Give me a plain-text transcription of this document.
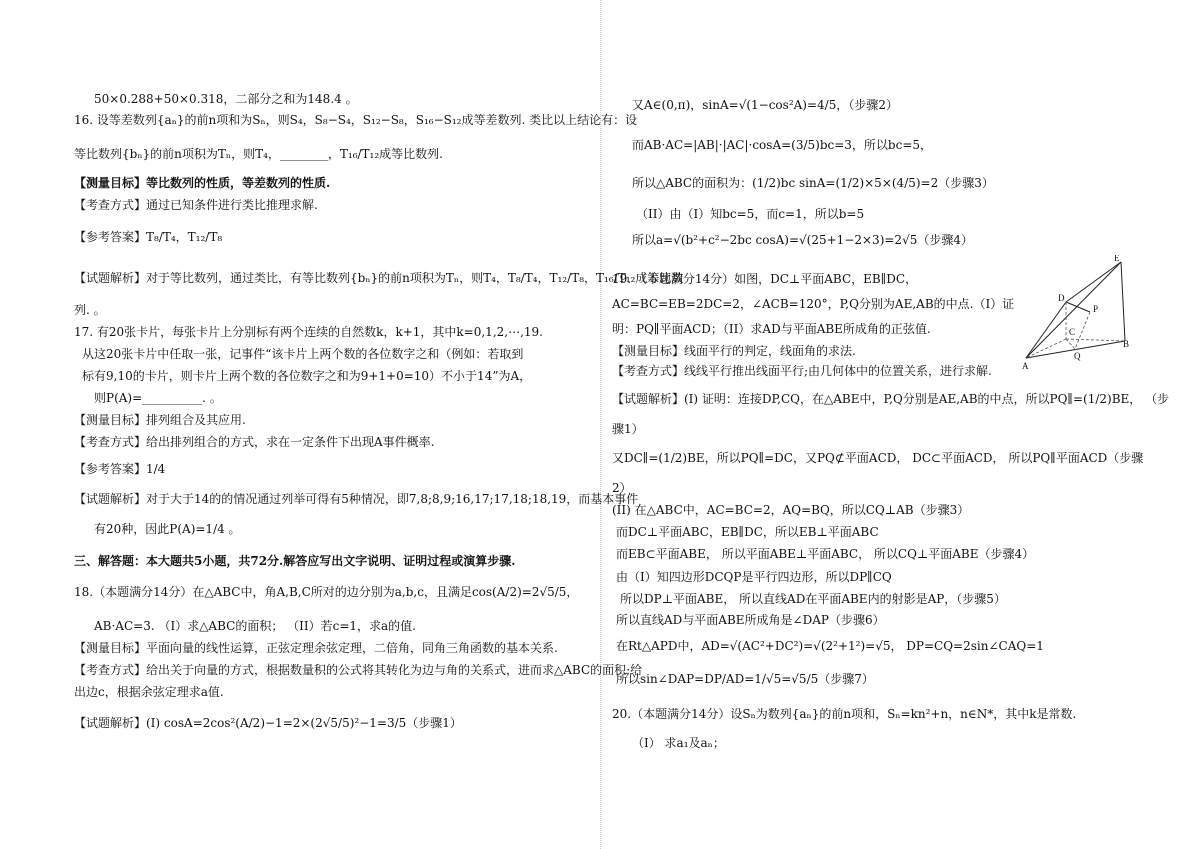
50×0.288+50×0.318，二部分之和为148.4 。
16. 设等差数列{aₙ}的前n项和为Sₙ，则S₄，S₈−S₄，S₁₂−S₈，S₁₆−S₁₂成等差数列. 类比以上结论有：设
等比数列{bₙ}的前n项积为Tₙ，则T₄，________，T₁₆/T₁₂成等比数列.
【测量目标】等比数列的性质，等差数列的性质.
【考查方式】通过已知条件进行类比推理求解.
【参考答案】T₈/T₄，T₁₂/T₈
【试题解析】对于等比数列，通过类比，有等比数列{bₙ}的前n项积为Tₙ，则T₄，T₈/T₄，T₁₂/T₈，T₁₆/T₁₂成等比数
列. 。
17. 有20张卡片，每张卡片上分别标有两个连续的自然数k，k+1，其中k=0,1,2,⋯,19.
从这20张卡片中任取一张，记事件“该卡片上两个数的各位数字之和（例如：若取到
标有9,10的卡片，则卡片上两个数的各位数字之和为9+1+0=10）不小于14”为A，
则P(A)=__________. 。
【测量目标】排列组合及其应用.
【考查方式】给出排列组合的方式，求在一定条件下出现A事件概率.
【参考答案】1/4
【试题解析】对于大于14的的情况通过列举可得有5种情况，即7,8;8,9;16,17;17,18;18,19，而基本事件
有20种，因此P(A)=1/4 。
三、解答题：本大题共5小题，共72分.解答应写出文字说明、证明过程或演算步骤.
18.（本题满分14分）在△ABC中，角A,B,C所对的边分别为a,b,c，且满足cos(A/2)=2√5/5，
AB·AC=3. （I）求△ABC的面积； （II）若c=1，求a的值.
【测量目标】平面向量的线性运算，正弦定理余弦定理，二倍角，同角三角函数的基本关系.
【考查方式】给出关于向量的方式，根据数量积的公式将其转化为边与角的关系式，进而求△ABC的面积;给
出边c，根据余弦定理求a值.
【试题解析】(I) cosA=2cos²(A/2)−1=2×(2√5/5)²−1=3/5（步骤1）
又A∈(0,π)，sinA=√(1−cos²A)=4/5，（步骤2）
而AB·AC=|AB|·|AC|·cosA=(3/5)bc=3，所以bc=5，
所以△ABC的面积为：(1/2)bc sinA=(1/2)×5×(4/5)=2（步骤3）
（II）由（I）知bc=5，而c=1，所以b=5
所以a=√(b²+c²−2bc cosA)=√(25+1−2×3)=2√5（步骤4）
19. （本题满分14分）如图，DC⊥平面ABC，EB∥DC，
AC=BC=EB=2DC=2，∠ACB=120°，P,Q分别为AE,AB的中点.（I）证
明：PQ∥平面ACD；（II）求AD与平面ABE所成角的正弦值.
【测量目标】线面平行的判定，线面角的求法.
【考查方式】线线平行推出线面平行;由几何体中的位置关系，进行求解.
【试题解析】(I) 证明：连接DP,CQ，在△ABE中，P,Q分别是AE,AB的中点，所以PQ∥=(1/2)BE， （步
骤1）
又DC∥=(1/2)BE，所以PQ∥=DC，又PQ⊄平面ACD， DC⊂平面ACD， 所以PQ∥平面ACD（步骤
2）
(II) 在△ABC中，AC=BC=2，AQ=BQ，所以CQ⊥AB（步骤3）
而DC⊥平面ABC，EB∥DC，所以EB⊥平面ABC
而EB⊂平面ABE， 所以平面ABE⊥平面ABC， 所以CQ⊥平面ABE（步骤4）
由（I）知四边形DCQP是平行四边形，所以DP∥CQ
所以DP⊥平面ABE， 所以直线AD在平面ABE内的射影是AP，（步骤5）
所以直线AD与平面ABE所成角是∠DAP（步骤6）
在Rt△APD中，AD=√(AC²+DC²)=√(2²+1²)=√5， DP=CQ=2sin∠CAQ=1
所以sin∠DAP=DP/AD=1/√5=√5/5（步骤7）
20.（本题满分14分）设Sₙ为数列{aₙ}的前n项和，Sₙ=kn²+n，n∈N*，其中k是常数.
（I） 求a₁及aₙ；
A
B
C
D
E
P
Q
